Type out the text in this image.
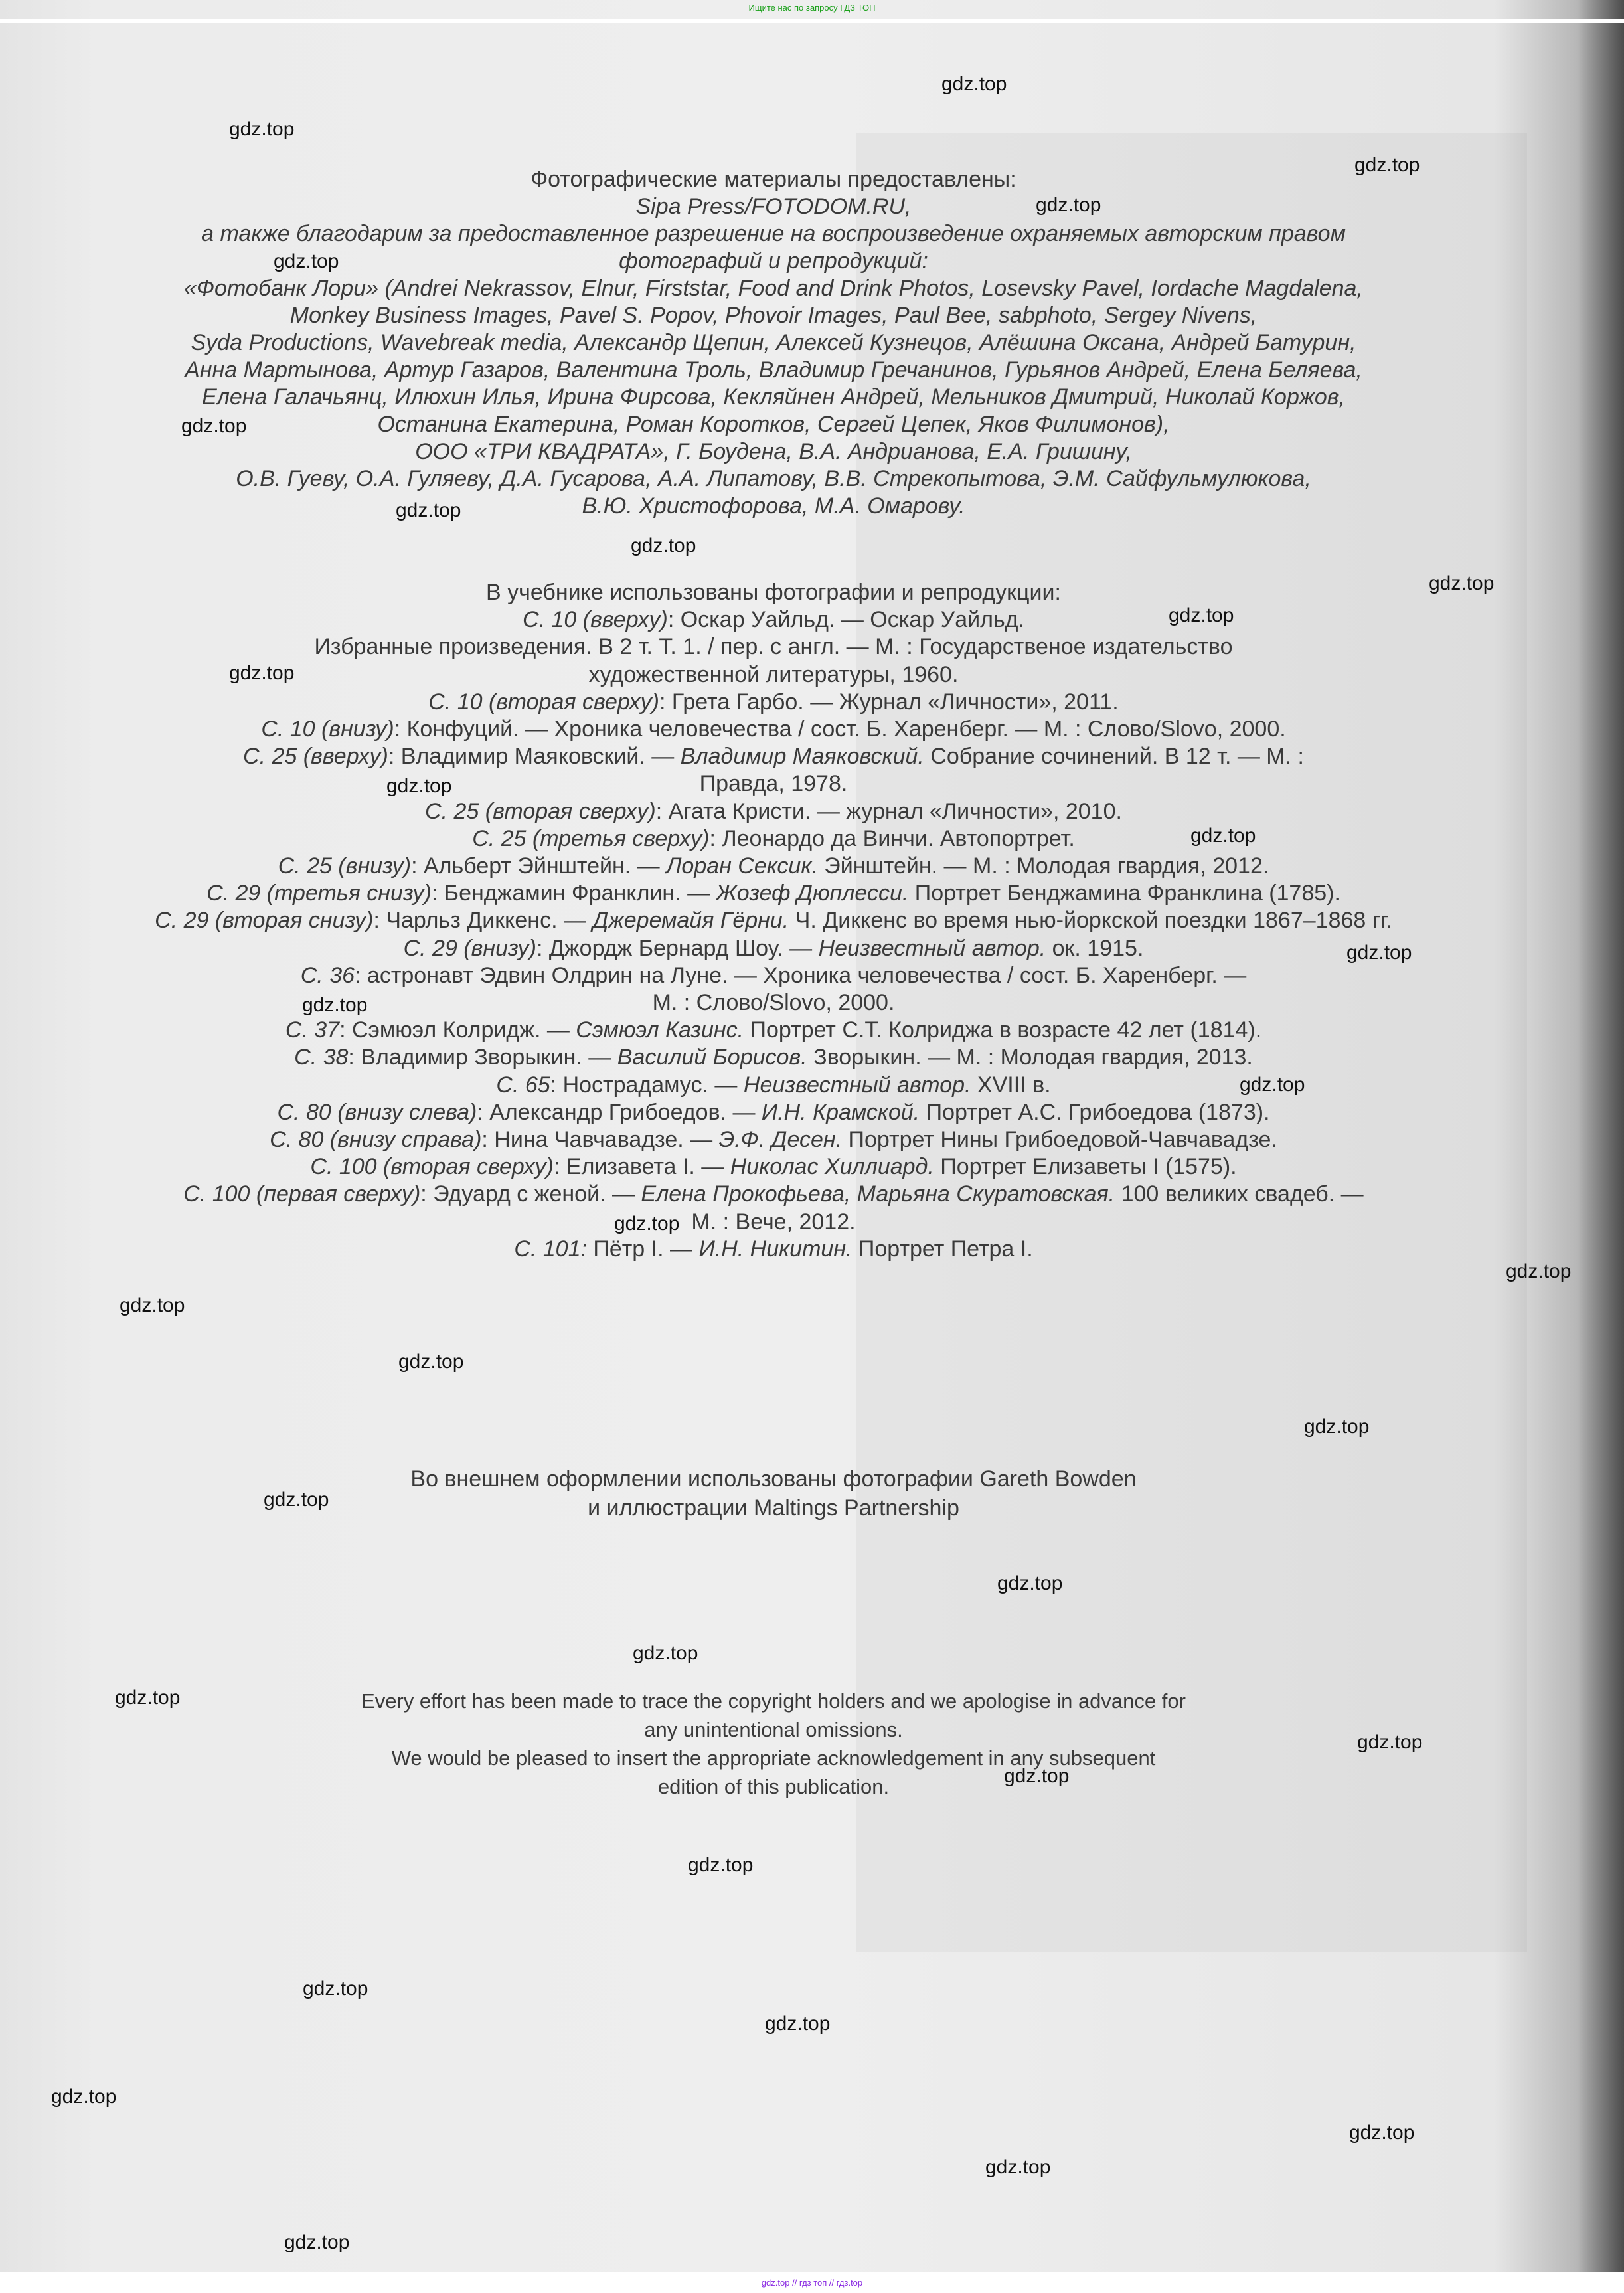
Ищите нас по запросу ГДЗ ТОП
Фотографические материалы предоставлены:
Sipa Press/FOTODOM.RU,
а также благодарим за предоставленное разрешение на воспроизведение охраняемых авторским правом
фотографий и репродукций:
«Фотобанк Лори» (Andrei Nekrassov, Elnur, Firststar, Food and Drink Photos, Losevsky Pavel, Iordache Magdalena,
Monkey Business Images, Pavel S. Popov, Phovoir Images, Paul Bee, sabphoto, Sergey Nivens,
Syda Productions, Wavebreak media, Александр Щепин, Алексей Кузнецов, Алёшина Оксана, Андрей Батурин,
Анна Мартынова, Артур Газаров, Валентина Троль, Владимир Гречанинов, Гурьянов Андрей, Елена Беляева,
Елена Галачьянц, Илюхин Илья, Ирина Фирсова, Кекляйнен Андрей, Мельников Дмитрий, Николай Коржов,
Останина Екатерина, Роман Коротков, Сергей Цепек, Яков Филимонов),
ООО «ТРИ КВАДРАТА», Г. Боудена, В.А. Андрианова, Е.А. Гришину,
О.В. Гуеву, О.А. Гуляеву, Д.А. Гусарова, А.А. Липатову, В.В. Стрекопытова, Э.М. Сайфульмулюкова,
В.Ю. Христофорова, М.А. Омарову.
В учебнике использованы фотографии и репродукции:
С. 10 (вверху): Оскар Уайльд. — Оскар Уайльд.
Избранные произведения. В 2 т. Т. 1. / пер. с англ. — М. : Государственое издательство
художественной литературы, 1960.
С. 10 (вторая сверху): Грета Гарбо. — Журнал «Личности», 2011.
С. 10 (внизу): Конфуций. — Хроника человечества / сост. Б. Харенберг. — М. : Слово/Slovo, 2000.
С. 25 (вверху): Владимир Маяковский. — Владимир Маяковский. Собрание сочинений. В 12 т. — М. :
Правда, 1978.
С. 25 (вторая сверху): Агата Кристи. — журнал «Личности», 2010.
С. 25 (третья сверху): Леонардо да Винчи. Автопортрет.
С. 25 (внизу): Альберт Эйнштейн. — Лоран Сексик. Эйнштейн. — М. : Молодая гвардия, 2012.
С. 29 (третья снизу): Бенджамин Франклин. — Жозеф Дюплесси. Портрет Бенджамина Франклина (1785).
С. 29 (вторая снизу): Чарльз Диккенс. — Джеремайя Гёрни. Ч. Диккенс во время нью-йоркской поездки 1867–1868 гг.
С. 29 (внизу): Джордж Бернард Шоу. — Неизвестный автор. ок. 1915.
С. 36: астронавт Эдвин Олдрин на Луне. — Хроника человечества / сост. Б. Харенберг. —
М. : Слово/Slovo, 2000.
С. 37: Сэмюэл Колридж. — Сэмюэл Казинс. Портрет С.Т. Колриджа в возрасте 42 лет (1814).
С. 38: Владимир Зворыкин. — Василий Борисов. Зворыкин. — М. : Молодая гвардия, 2013.
С. 65: Нострадамус. — Неизвестный автор. XVIII в.
С. 80 (внизу слева): Александр Грибоедов. — И.Н. Крамской. Портрет А.С. Грибоедова (1873).
С. 80 (внизу справа): Нина Чавчавадзе. — Э.Ф. Десен. Портрет Нины Грибоедовой-Чавчавадзе.
С. 100 (вторая сверху): Елизавета I. — Николас Хиллиард. Портрет Елизаветы I (1575).
С. 100 (первая сверху): Эдуард с женой. — Елена Прокофьева, Марьяна Скуратовская. 100 великих свадеб. —
М. : Вече, 2012.
С. 101: Пётр I. — И.Н. Никитин. Портрет Петра I.
Во внешнем оформлении использованы фотографии Gareth Bowden
и иллюстрации Maltings Partnership
Every effort has been made to trace the copyright holders and we apologise in advance for
any unintentional omissions.
We would be pleased to insert the appropriate acknowledgement in any subsequent
edition of this publication.
gdz.top
gdz.top
gdz.top
gdz.top
gdz.top
gdz.top
gdz.top
gdz.top
gdz.top
gdz.top
gdz.top
gdz.top
gdz.top
gdz.top
gdz.top
gdz.top
gdz.top
gdz.top
gdz.top
gdz.top
gdz.top
gdz.top
gdz.top
gdz.top
gdz.top
gdz.top
gdz.top
gdz.top
gdz.top
gdz.top
gdz.top
gdz.top
gdz.top
gdz.top
gdz.top // гдз топ // гдз.top
